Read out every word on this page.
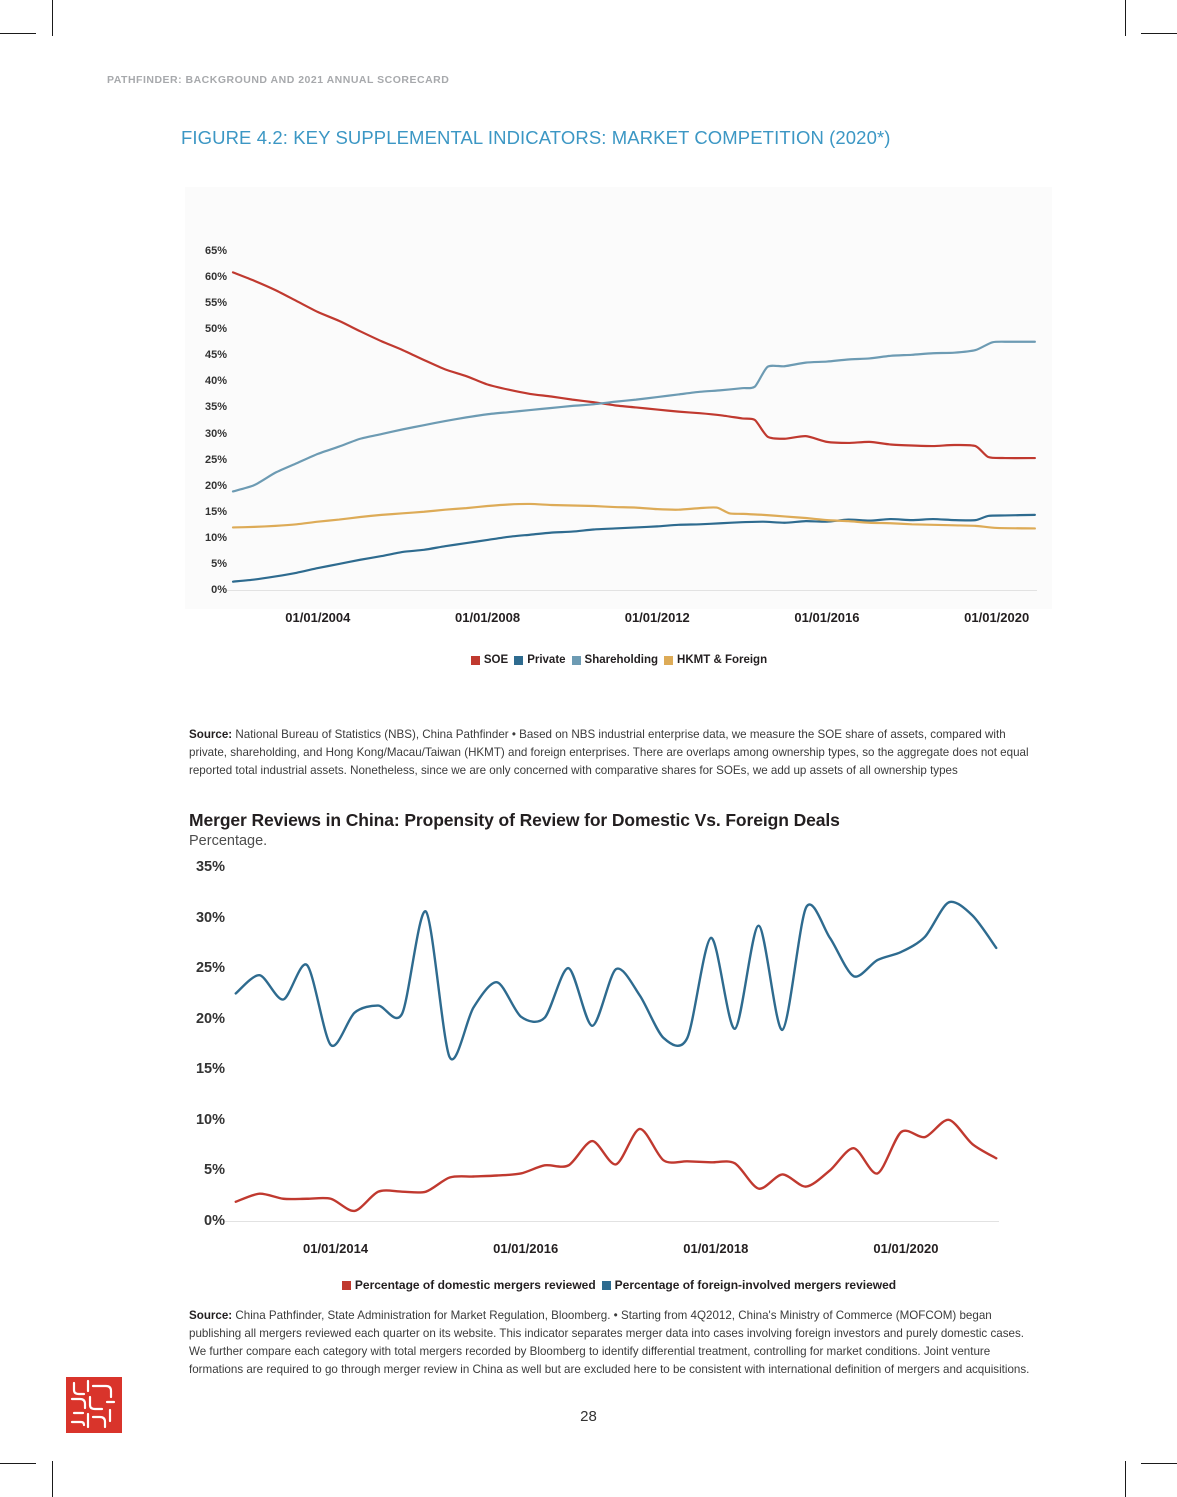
PATHFINDER: BACKGROUND AND 2021 ANNUAL SCORECARD
FIGURE 4.2: KEY SUPPLEMENTAL INDICATORS: MARKET COMPETITION (2020*)
0%
5%
10%
15%
20%
25%
30%
35%
40%
45%
50%
55%
60%
65%
01/01/2004	01/01/2008	01/01/2012	01/01/2016	01/01/2020
SOE Private Shareholding HKMT & Foreign
Source: National Bureau of Statistics (NBS), China Pathfinder • Based on NBS industrial enterprise data, we measure the SOE share of assets, compared with private, shareholding, and Hong Kong/Macau/Taiwan (HKMT) and foreign enterprises. There are overlaps among ownership types, so the aggregate does not equal reported total industrial assets. Nonetheless, since we are only concerned with comparative shares for SOEs, we add up assets of all ownership types
Merger Reviews in China: Propensity of Review for Domestic Vs. Foreign Deals
Percentage.
0%
5%
10%
15%
20%
25%
30%
35%
01/01/2014	01/01/2016	01/01/2018	01/01/2020
Percentage of domestic mergers reviewed Percentage of foreign-involved mergers reviewed
Source: China Pathfinder, State Administration for Market Regulation, Bloomberg. • Starting from 4Q2012, China's Ministry of Commerce (MOFCOM) began publishing all mergers reviewed each quarter on its website. This indicator separates merger data into cases involving foreign investors and purely domestic cases. We further compare each category with total mergers recorded by Bloomberg to identify differential treatment, controlling for market conditions. Joint venture formations are required to go through merger review in China as well but are excluded here to be consistent with international definition of mergers and acquisitions.
28
